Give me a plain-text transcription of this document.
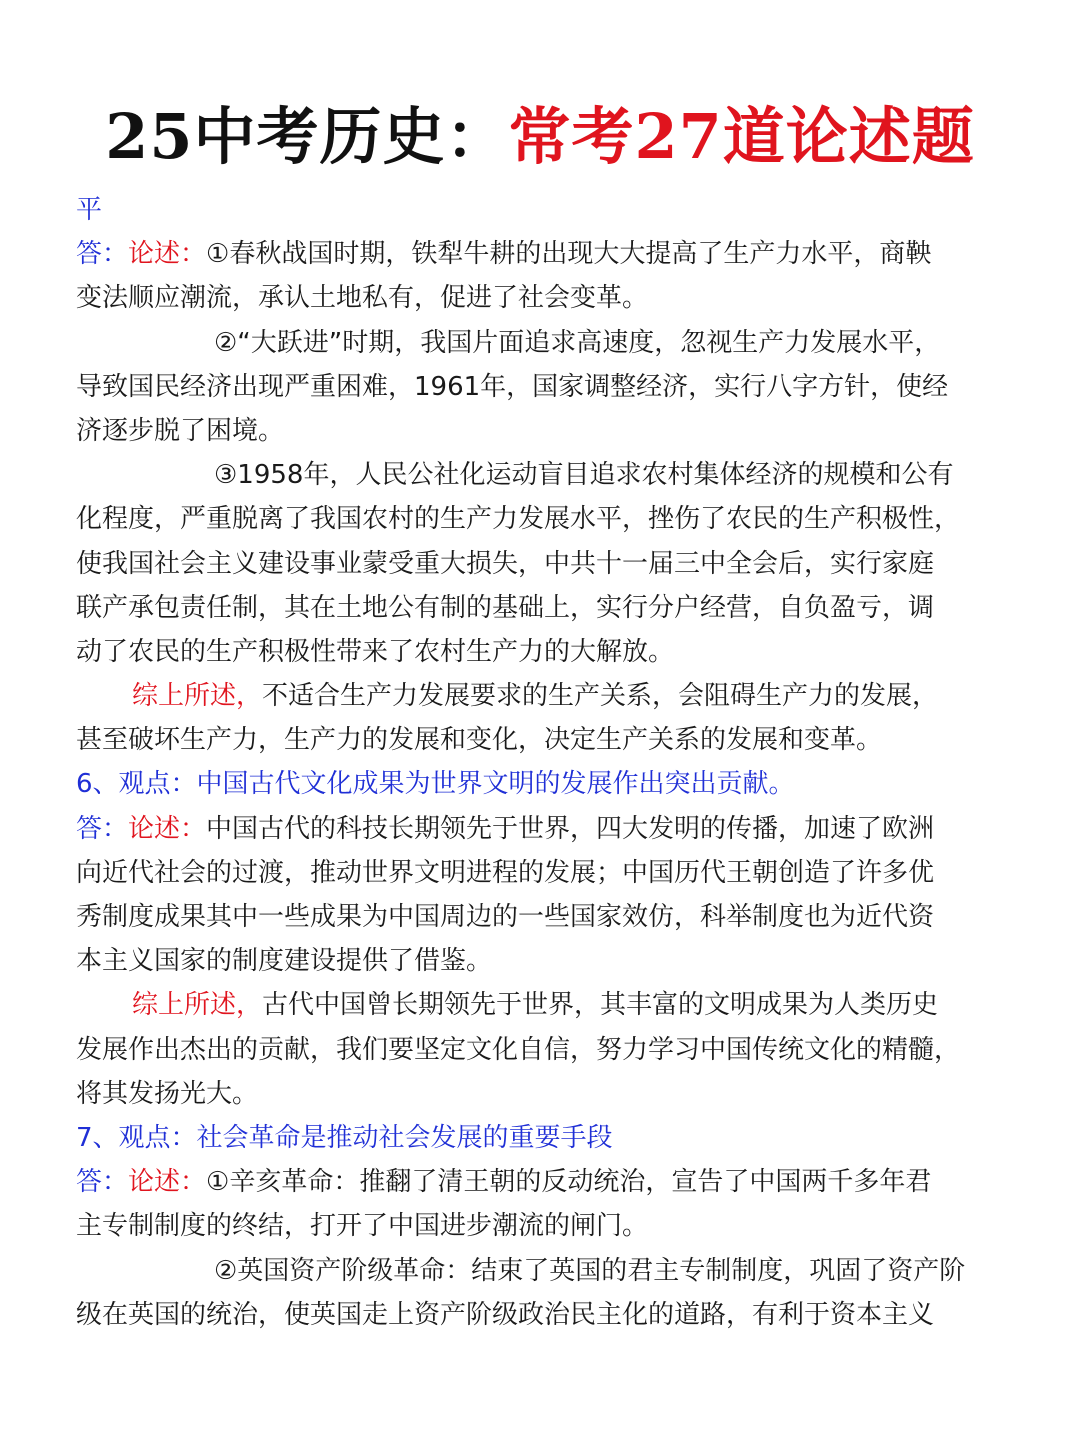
25中考历史：常考27道论述题
平
答：论述：①春秋战国时期，铁犁牛耕的出现大大提高了生产力水平，商鞅
变法顺应潮流，承认土地私有，促进了社会变革。
②“大跃进”时期，我国片面追求高速度，忽视生产力发展水平，
导致国民经济出现严重困难，1961年，国家调整经济，实行八字方针，使经
济逐步脱了困境。
③1958年，人民公社化运动盲目追求农村集体经济的规模和公有
化程度，严重脱离了我国农村的生产力发展水平，挫伤了农民的生产积极性，
使我国社会主义建设事业蒙受重大损失，中共十一届三中全会后，实行家庭
联产承包责任制，其在土地公有制的基础上，实行分户经营，自负盈亏，调
动了农民的生产积极性带来了农村生产力的大解放。
综上所述，不适合生产力发展要求的生产关系，会阻碍生产力的发展，
甚至破坏生产力，生产力的发展和变化，决定生产关系的发展和变革。
6、观点：中国古代文化成果为世界文明的发展作出突出贡献。
答：论述：中国古代的科技长期领先于世界，四大发明的传播，加速了欧洲
向近代社会的过渡，推动世界文明进程的发展；中国历代王朝创造了许多优
秀制度成果其中一些成果为中国周边的一些国家效仿，科举制度也为近代资
本主义国家的制度建设提供了借鉴。
综上所述，古代中国曾长期领先于世界，其丰富的文明成果为人类历史
发展作出杰出的贡献，我们要坚定文化自信，努力学习中国传统文化的精髓，
将其发扬光大。
7、观点：社会革命是推动社会发展的重要手段
答：论述：①辛亥革命：推翻了清王朝的反动统治，宣告了中国两千多年君
主专制制度的终结，打开了中国进步潮流的闸门。
②英国资产阶级革命：结束了英国的君主专制制度，巩固了资产阶
级在英国的统治，使英国走上资产阶级政治民主化的道路，有利于资本主义
